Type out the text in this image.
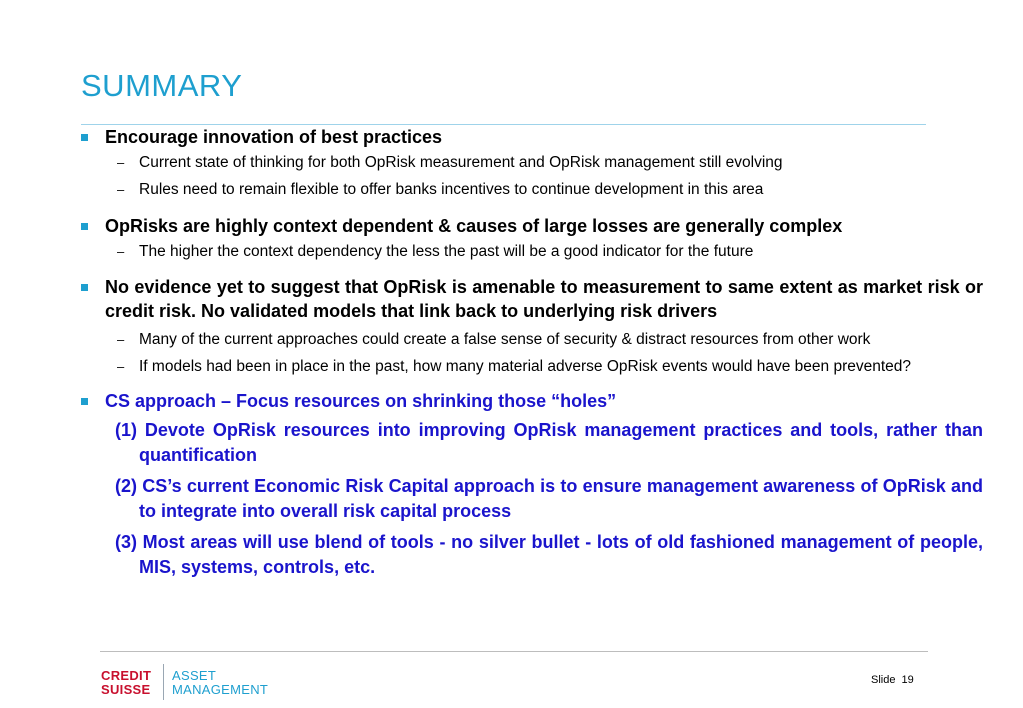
SUMMARY
Encourage innovation of best practices
– Current state of thinking for both OpRisk measurement and OpRisk management still evolving
– Rules need to remain flexible to offer banks incentives to continue development in this area
OpRisks are highly context dependent & causes of large losses are generally complex
– The higher the context dependency the less the past will be a good indicator for the future
No evidence yet to suggest that OpRisk is amenable to measurement to same extent as market risk or credit risk. No validated models that link back to underlying risk drivers
– Many of the current approaches could create a false sense of security & distract resources from other work
– If models had been in place in the past, how many material adverse OpRisk events would have been prevented?
CS approach – Focus resources on shrinking those “holes”
(1) Devote OpRisk resources into improving OpRisk management practices and tools, rather than quantification
(2) CS’s current Economic Risk Capital approach is to ensure management awareness of OpRisk and to integrate into overall risk capital process
(3) Most areas will use blend of tools - no silver bullet - lots of old fashioned management of people, MIS, systems, controls, etc.
CREDIT
SUISSE
ASSET
MANAGEMENT
Slide 19
